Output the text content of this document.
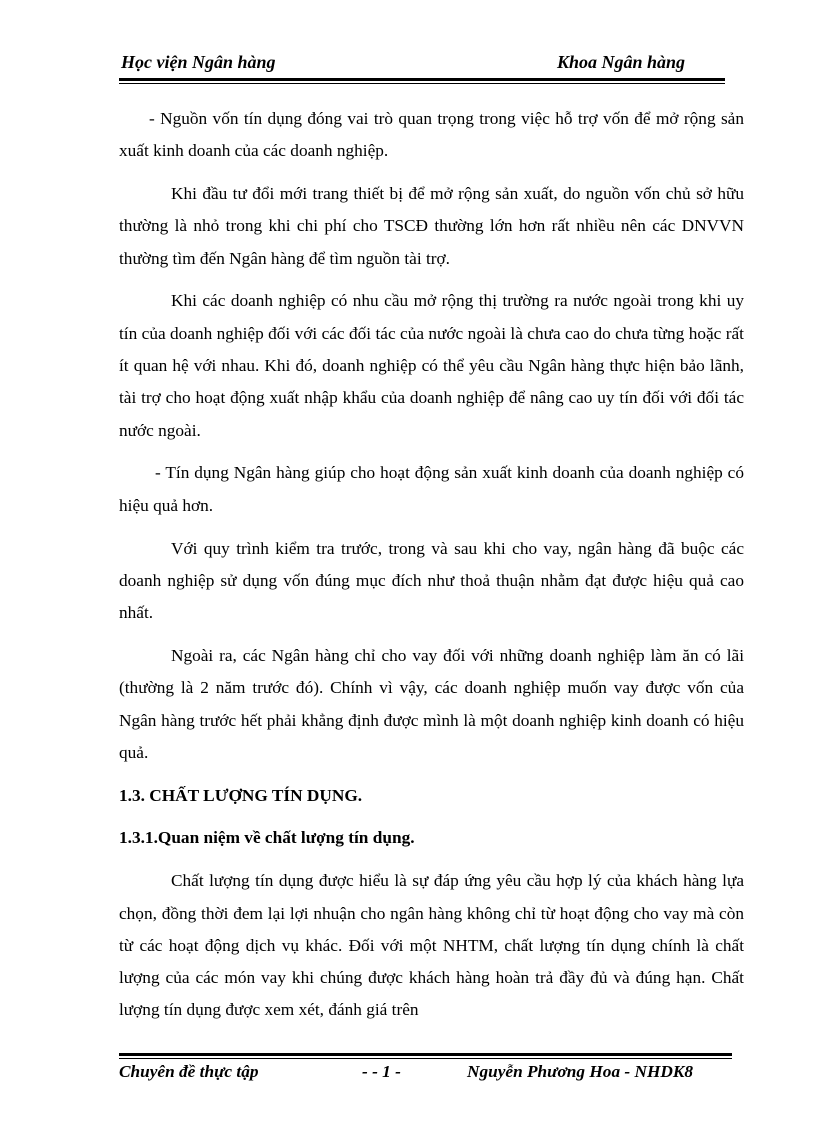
Học viện Ngân hàng	Khoa Ngân hàng

- Nguồn vốn tín dụng đóng vai trò quan trọng trong việc hỗ trợ vốn để mở rộng sản xuất kinh doanh của các doanh nghiệp.

Khi đầu tư đổi mới trang thiết bị để mở rộng sản xuất, do nguồn vốn chủ sở hữu thường là nhỏ trong khi chi phí cho TSCĐ thường lớn hơn rất nhiều nên các DNVVN thường tìm đến Ngân hàng để tìm nguồn tài trợ.

Khi các doanh nghiệp có nhu cầu mở rộng thị trường ra nước ngoài trong khi uy tín của doanh nghiệp đối với các đối tác của nước ngoài là chưa cao do chưa từng hoặc rất ít quan hệ với nhau. Khi đó, doanh nghiệp có thể yêu cầu Ngân hàng thực hiện bảo lãnh, tài trợ cho hoạt động xuất nhập khẩu của doanh nghiệp để nâng cao uy tín đối với đối tác nước ngoài.

- Tín dụng Ngân hàng giúp cho hoạt động sản xuất kinh doanh của doanh nghiệp có hiệu quả hơn.

Với quy trình kiểm tra trước, trong và sau khi cho vay, ngân hàng đã buộc các doanh nghiệp sử dụng vốn đúng mục đích như thoả thuận nhằm đạt được hiệu quả cao nhất.

Ngoài ra, các Ngân hàng chỉ cho vay đối với những doanh nghiệp làm ăn có lãi (thường là 2 năm trước đó). Chính vì vậy, các doanh nghiệp muốn vay được vốn của Ngân hàng trước hết phải khẳng định được mình là một doanh nghiệp kinh doanh có hiệu quả.

1.3. CHẤT LƯỢNG TÍN DỤNG.
1.3.1.Quan niệm về chất lượng tín dụng.

Chất lượng tín dụng được hiểu là sự đáp ứng yêu cầu hợp lý của khách hàng lựa chọn, đồng thời đem lại lợi nhuận cho ngân hàng không chỉ từ hoạt động cho vay mà còn từ các hoạt động dịch vụ khác. Đối với một NHTM, chất lượng tín dụng chính là chất lượng của các món vay khi chúng được khách hàng hoàn trả đầy đủ và đúng hạn. Chất lượng tín dụng được xem xét, đánh giá trên

Chuyên đề thực tập	- - 1 -	Nguyễn Phương Hoa - NHDK8
